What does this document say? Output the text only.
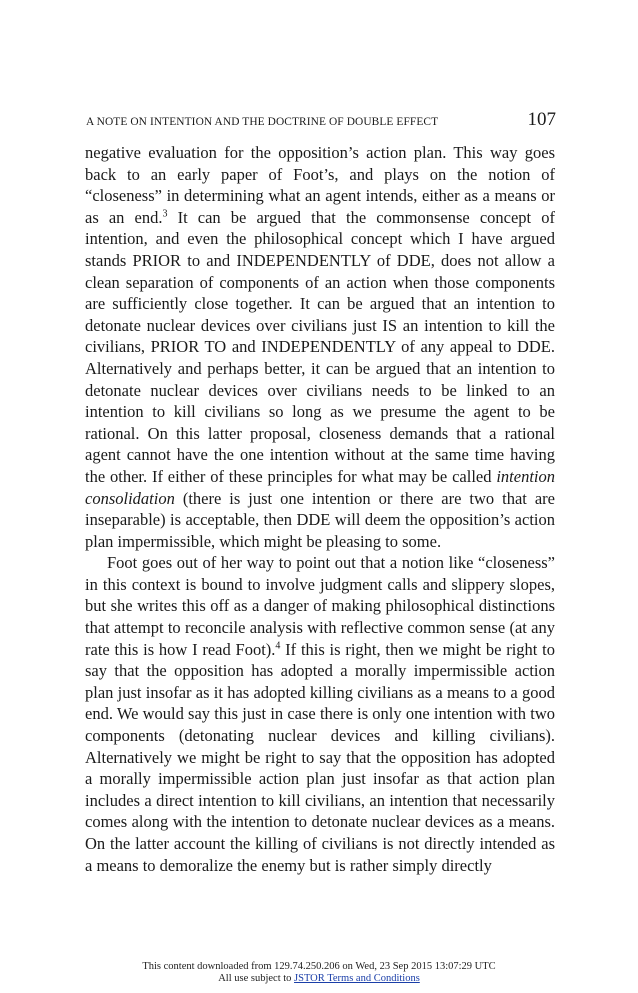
A NOTE ON INTENTION AND THE DOCTRINE OF DOUBLE EFFECT	107

negative evaluation for the opposition’s action plan. This way goes back to an early paper of Foot’s, and plays on the notion of “closeness” in determining what an agent intends, either as a means or as an end.$^3$ It can be argued that the commonsense concept of intention, and even the philosophical concept which I have argued stands PRIOR to and INDEPENDENTLY of DDE, does not allow a clean separation of components of an action when those components are sufficiently close together. It can be argued that an intention to detonate nuclear devices over civilians just IS an intention to kill the civilians, PRIOR TO and INDEPENDENTLY of any appeal to DDE. Alternatively and perhaps better, it can be argued that an intention to detonate nuclear devices over civilians needs to be linked to an intention to kill civilians so long as we presume the agent to be rational. On this latter proposal, closeness demands that a rational agent cannot have the one intention without at the same time having the other. If either of these principles for what may be called intention consolidation (there is just one intention or there are two that are inseparable) is acceptable, then DDE will deem the opposition’s action plan impermissible, which might be pleasing to some.

Foot goes out of her way to point out that a notion like “closeness” in this context is bound to involve judgment calls and slippery slopes, but she writes this off as a danger of making philosophical distinctions that attempt to reconcile analysis with reflective common sense (at any rate this is how I read Foot).$^4$ If this is right, then we might be right to say that the opposition has adopted a morally impermissible action plan just insofar as it has adopted killing civilians as a means to a good end. We would say this just in case there is only one intention with two components (detonating nuclear devices and killing civilians). Alternatively we might be right to say that the opposition has adopted a morally impermissible action plan just insofar as that action plan includes a direct intention to kill civilians, an intention that necessarily comes along with the intention to detonate nuclear devices as a means. On the latter account the killing of civilians is not directly intended as a means to demoralize the enemy but is rather simply directly

This content downloaded from 129.74.250.206 on Wed, 23 Sep 2015 13:07:29 UTC
All use subject to JSTOR Terms and Conditions
